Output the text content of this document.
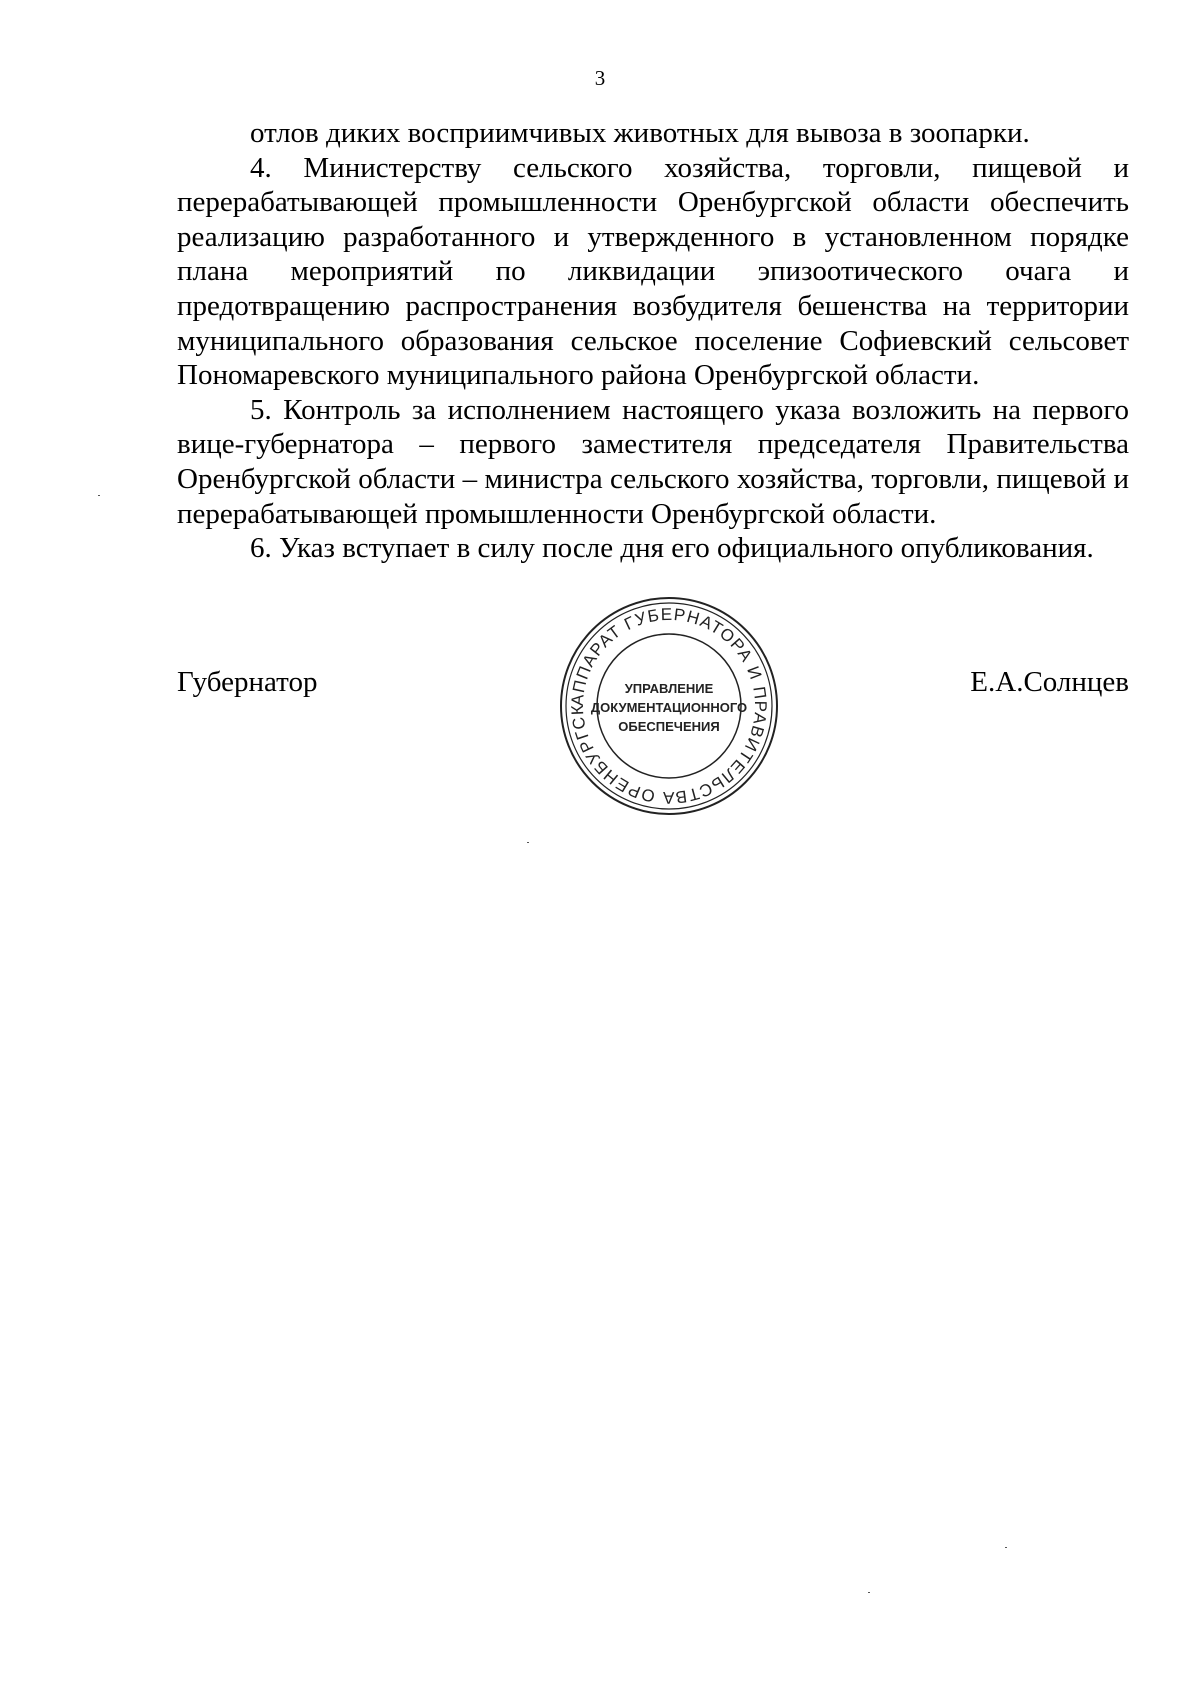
3

отлов диких восприимчивых животных для вывоза в зоопарки.

4. Министерству сельского хозяйства, торговли, пищевой и перерабатывающей промышленности Оренбургской области обеспечить реализацию разработанного и утвержденного в установленном порядке плана мероприятий по ликвидации эпизоотического очага и предотвращению распространения возбудителя бешенства на территории муниципального образования сельское поселение Софиевский сельсовет Пономаревского муниципального района Оренбургской области.

5. Контроль за исполнением настоящего указа возложить на первого вице-губернатора – первого заместителя председателя Правительства Оренбургской области – министра сельского хозяйства, торговли, пищевой и перерабатывающей промышленности Оренбургской области.

6. Указ вступает в силу после дня его официального опубликования.

Губернатор	Е.А.Солнцев
АППАРАТ ГУБЕРНАТОРА И ПРАВИТЕЛЬСТВА ОРЕНБУРГСК
УПРАВЛЕНИЕ
ДОКУМЕНТАЦИОННОГО
ОБЕСПЕЧЕНИЯ
